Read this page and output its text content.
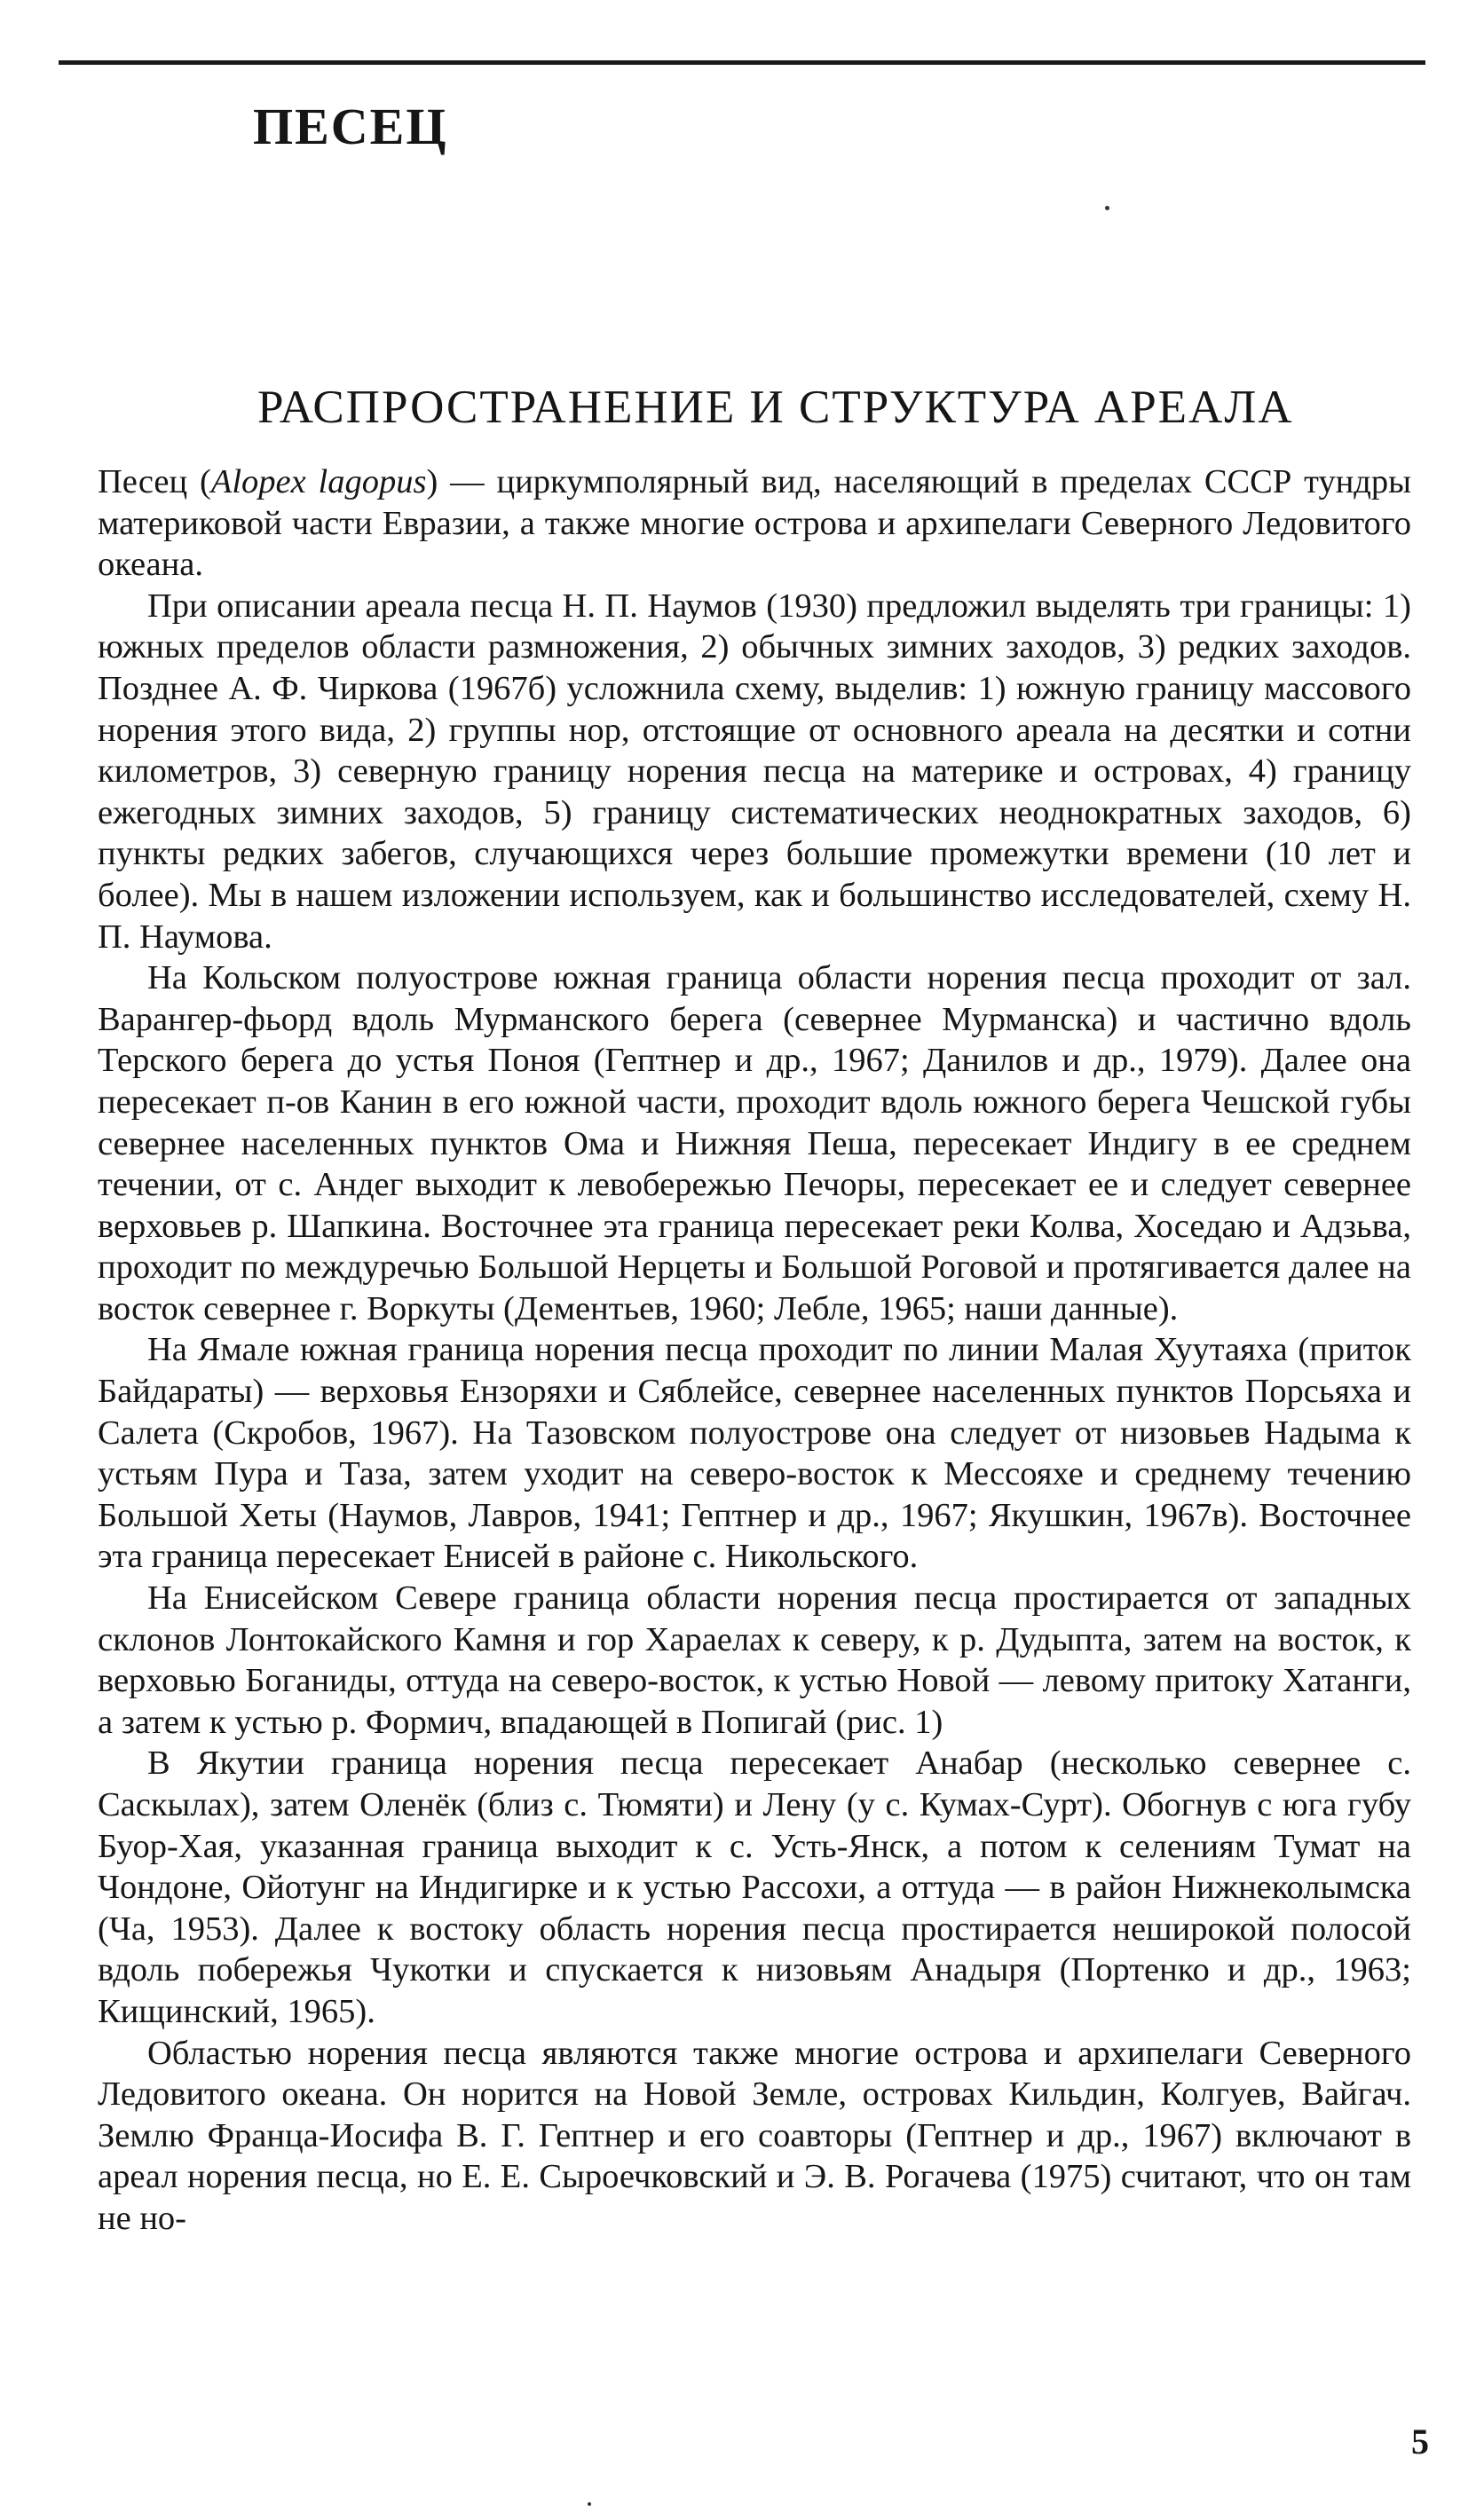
ПЕСЕЦ
РАСПРОСТРАНЕНИЕ И СТРУКТУРА АРЕАЛА

Песец (Alopex lagopus) — циркумполярный вид, населяющий в пределах СССР тундры материковой части Евразии, а также многие острова и архипелаги Северного Ледовитого океана.

При описании ареала песца Н. П. Наумов (1930) предложил выделять три границы: 1) южных пределов области размножения, 2) обычных зимних заходов, 3) редких заходов. Позднее А. Ф. Чиркова (1967б) усложнила схему, выделив: 1) южную границу массового норения этого вида, 2) группы нор, отстоящие от основного ареала на десятки и сотни километров, 3) северную границу норения песца на материке и островах, 4) границу ежегодных зимних заходов, 5) границу систематических неоднократных заходов, 6) пункты редких забегов, случающихся через большие промежутки времени (10 лет и более). Мы в нашем изложении используем, как и большинство исследователей, схему Н. П. Наумова.

На Кольском полуострове южная граница области норения песца проходит от зал. Варангер-фьорд вдоль Мурманского берега (севернее Мурманска) и частично вдоль Терского берега до устья Поноя (Гептнер и др., 1967; Данилов и др., 1979). Далее она пересекает п-ов Канин в его южной части, проходит вдоль южного берега Чешской губы севернее населенных пунктов Ома и Нижняя Пеша, пересекает Индигу в ее среднем течении, от с. Андег выходит к левобережью Печоры, пересекает ее и следует севернее верховьев р. Шапкина. Восточнее эта граница пересекает реки Колва, Хоседаю и Адзьва, проходит по междуречью Большой Нерцеты и Большой Роговой и протягивается далее на восток севернее г. Воркуты (Дементьев, 1960; Лебле, 1965; наши данные).

На Ямале южная граница норения песца проходит по линии Малая Хуутаяха (приток Байдараты) — верховья Ензоряхи и Сяблейсе, севернее населенных пунктов Порсьяха и Салета (Скробов, 1967). На Тазовском полуострове она следует от низовьев Надыма к устьям Пура и Таза, затем уходит на северо-восток к Мессояхе и среднему течению Большой Хеты (Наумов, Лавров, 1941; Гептнер и др., 1967; Якушкин, 1967в). Восточнее эта граница пересекает Енисей в районе с. Никольского.

На Енисейском Севере граница области норения песца простирается от западных склонов Лонтокайского Камня и гор Хараелах к северу, к р. Дудыпта, затем на восток, к верховью Боганиды, оттуда на северо-восток, к устью Новой — левому притоку Хатанги, а затем к устью р. Формич, впадающей в Попигай (рис. 1)

В Якутии граница норения песца пересекает Анабар (несколько севернее с. Саскылах), затем Оленёк (близ с. Тюмяти) и Лену (у с. Кумах-Сурт). Обогнув с юга губу Буор-Хая, указанная граница выходит к с. Усть-Янск, а потом к селениям Тумат на Чондоне, Ойотунг на Индигирке и к устью Рассохи, а оттуда — в район Нижнеколымска (Ча, 1953). Далее к востоку область норения песца простирается неширокой полосой вдоль побережья Чукотки и спускается к низовьям Анадыря (Портенко и др., 1963; Кищинский, 1965).

Областью норения песца являются также многие острова и архипелаги Северного Ледовитого океана. Он норится на Новой Земле, островах Кильдин, Колгуев, Вайгач. Землю Франца-Иосифа В. Г. Гептнер и его соавторы (Гептнер и др., 1967) включают в ареал норения песца, но Е. Е. Сыроечковский и Э. В. Рогачева (1975) считают, что он там не но-

5
